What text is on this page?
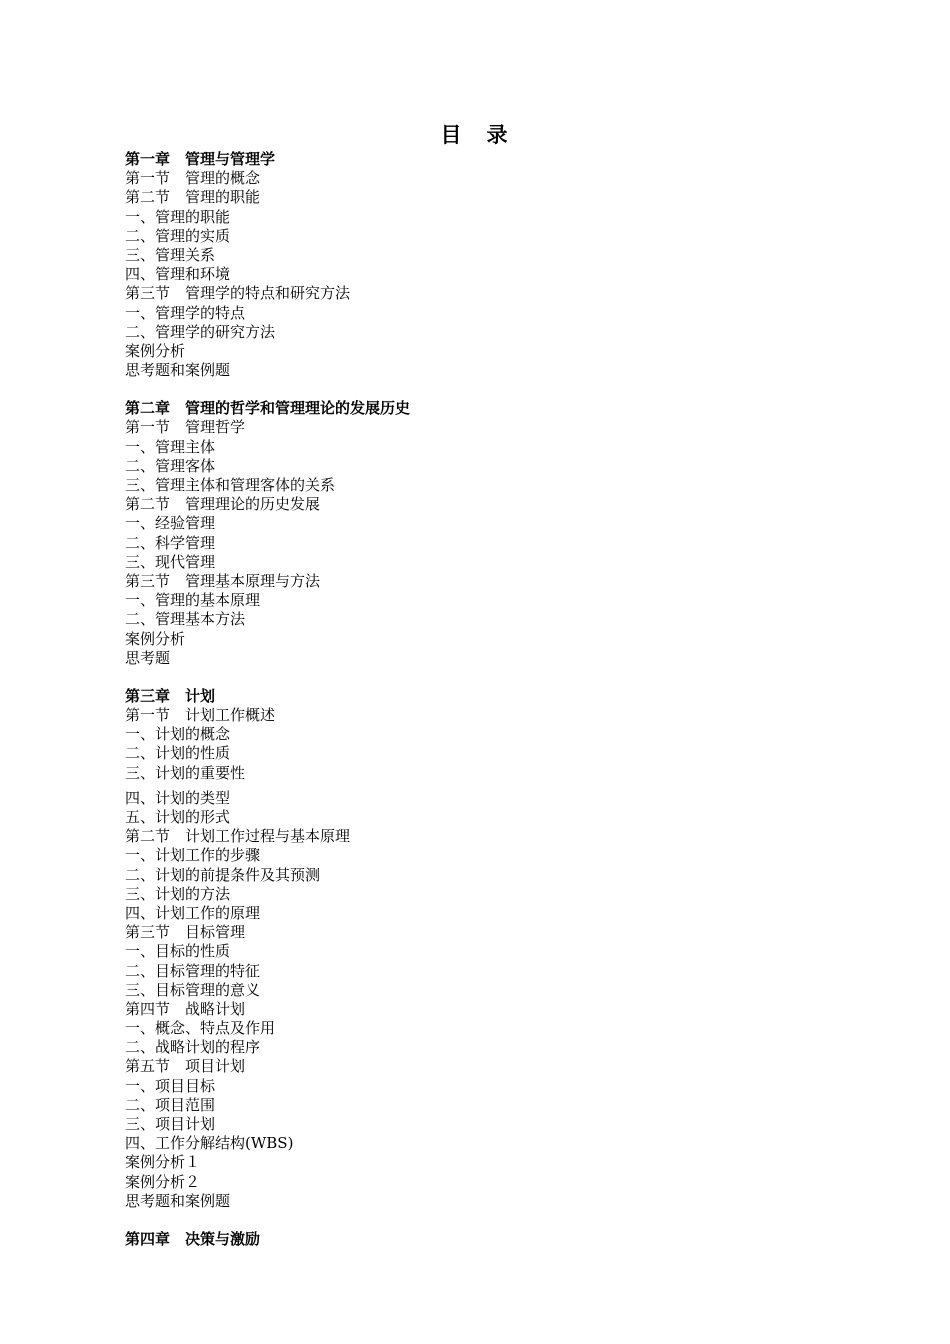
目　录
第一章　管理与管理学
第一节　管理的概念
第二节　管理的职能
一、管理的职能
二、管理的实质
三、管理关系
四、管理和环境
第三节　管理学的特点和研究方法
一、管理学的特点
二、管理学的研究方法
案例分析
思考题和案例题
第二章　管理的哲学和管理理论的发展历史
第一节　管理哲学
一、管理主体
二、管理客体
三、管理主体和管理客体的关系
第二节　管理理论的历史发展
一、经验管理
二、科学管理
三、现代管理
第三节　管理基本原理与方法
一、管理的基本原理
二、管理基本方法
案例分析
思考题
第三章　计划
第一节　计划工作概述
一、计划的概念
二、计划的性质
三、计划的重要性
四、计划的类型
五、计划的形式
第二节　计划工作过程与基本原理
一、计划工作的步骤
二、计划的前提条件及其预测
三、计划的方法
四、计划工作的原理
第三节　目标管理
一、目标的性质
二、目标管理的特征
三、目标管理的意义
第四节　战略计划
一、概念、特点及作用
二、战略计划的程序
第五节　项目计划
一、项目目标
二、项目范围
三、项目计划
四、工作分解结构(WBS)
案例分析１
案例分析２
思考题和案例题
第四章　决策与激励
